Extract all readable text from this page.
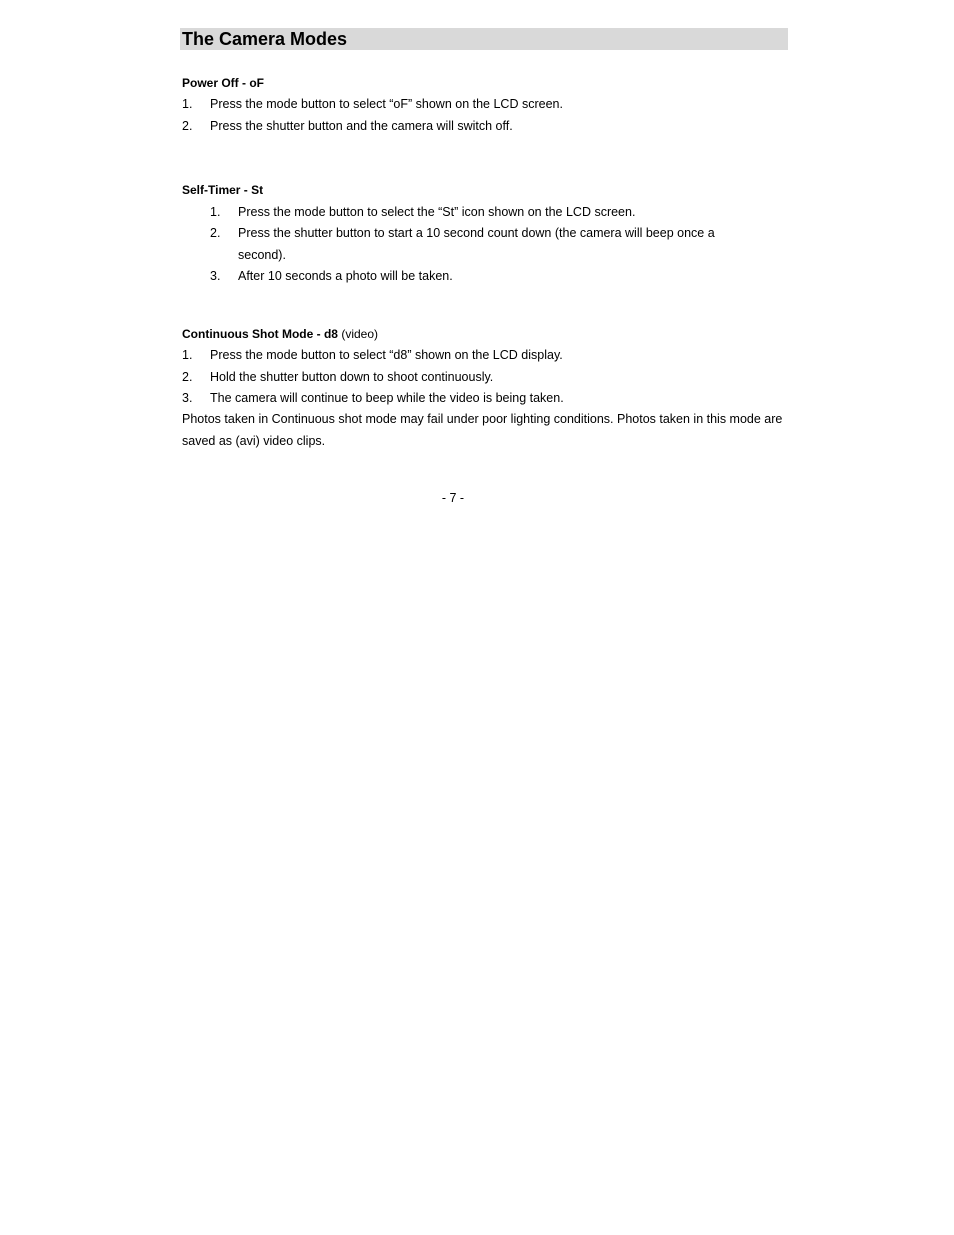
The Camera Modes
Power Off - oF
1. Press the mode button to select “oF” shown on the LCD screen.
2. Press the shutter button and the camera will switch off.
Self-Timer - St
1. Press the mode button to select the “St” icon shown on the LCD screen.
2. Press the shutter button to start a 10 second count down (the camera will beep once a
second).
3. After 10 seconds a photo will be taken.
Continuous Shot Mode - d8 (video)
1. Press the mode button to select “d8” shown on the LCD display.
2. Hold the shutter button down to shoot continuously.
3. The camera will continue to beep while the video is being taken.
Photos taken in Continuous shot mode may fail under poor lighting conditions. Photos taken in this mode are saved as (avi) video clips.
- 7 -
